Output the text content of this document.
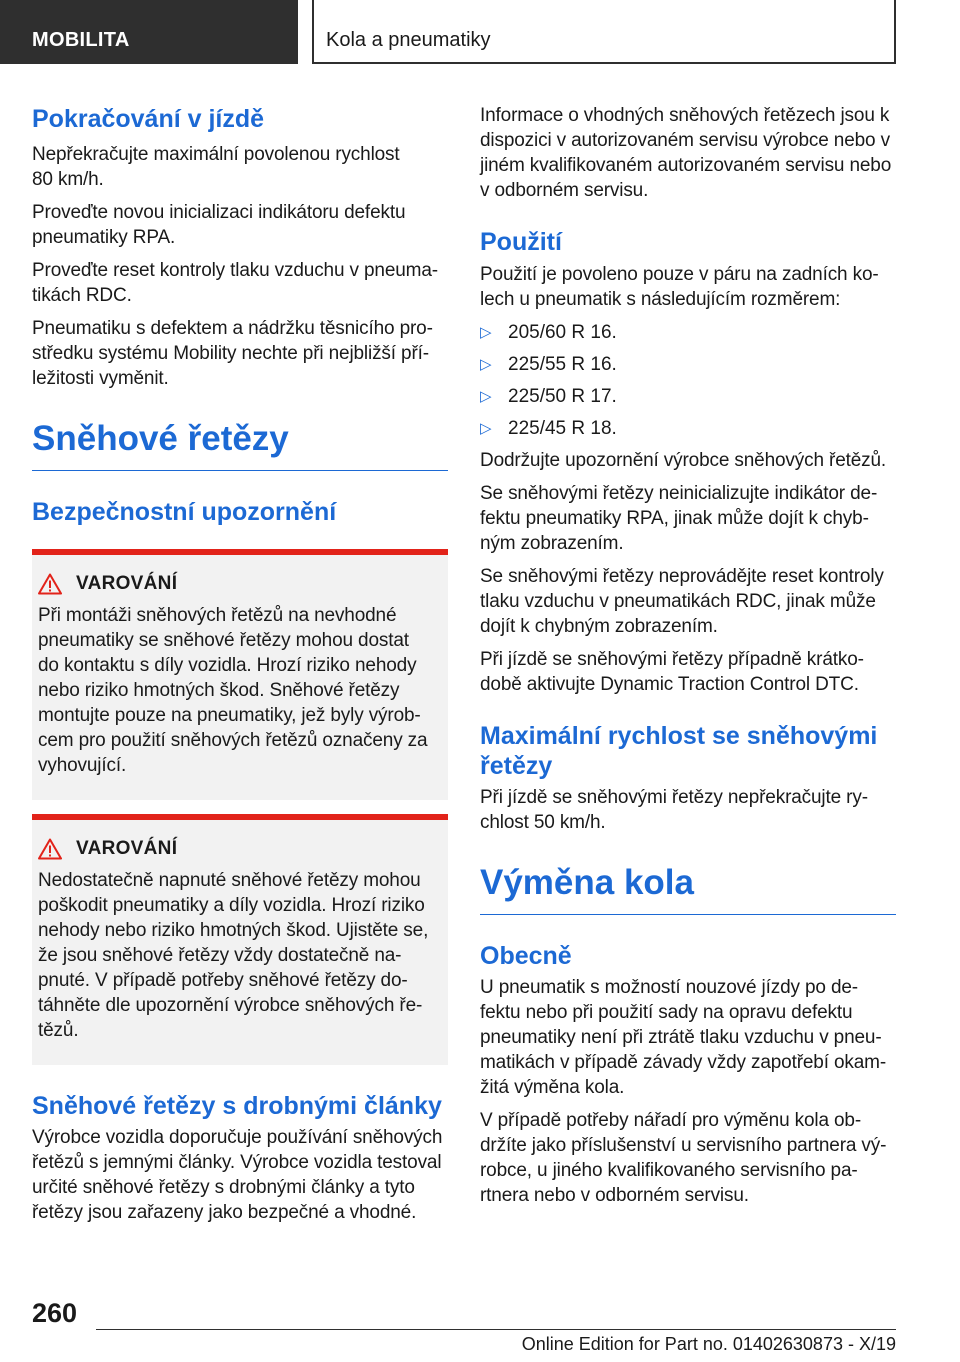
MOBILITA	Kola a pneumatiky
Pokračování v jízdě

Nepřekračujte maximální povolenou rychlost 80 km/h.

Proveďte novou inicializaci indikátoru defektu pneumatiky RPA.

Proveďte reset kontroly tlaku vzduchu v pneuma‐tikách RDC.

Pneumatiku s defektem a nádržku těsnicího pro‐středku systému Mobility nechte při nejbližší pří‐ležitosti vyměnit.

Sněhové řetězy
Bezpečnostní upozornění
VAROVÁNÍ

Při montáži sněhových řetězů na nevhodné pneumatiky se sněhové řetězy mohou dostat do kontaktu s díly vozidla. Hrozí riziko nehody nebo riziko hmotných škod. Sněhové řetězy montujte pouze na pneumatiky, jež byly výrob‐cem pro použití sněhových řetězů označeny za vyhovující.

VAROVÁNÍ

Nedostatečně napnuté sněhové řetězy mohou poškodit pneumatiky a díly vozidla. Hrozí riziko nehody nebo riziko hmotných škod. Ujistěte se, že jsou sněhové řetězy vždy dostatečně na‐pnuté. V případě potřeby sněhové řetězy do‐táhněte dle upozornění výrobce sněhových ře‐tězů.

Sněhové řetězy s drobnými články

Výrobce vozidla doporučuje používání sněhových řetězů s jemnými články. Výrobce vozidla testoval určité sněhové řetězy s drobnými články a tyto řetězy jsou zařazeny jako bezpečné a vhodné.

Informace o vhodných sněhových řetězech jsou k dispozici v autorizovaném servisu výrobce nebo v jiném kvalifikovaném autorizovaném servisu nebo v odborném servisu.

Použití

Použití je povoleno pouze v páru na zadních ko‐lech u pneumatik s následujícím rozměrem:

▷ 205/60 R 16.
▷ 225/55 R 16.
▷ 225/50 R 17.
▷ 225/45 R 18.

Dodržujte upozornění výrobce sněhových řetězů.

Se sněhovými řetězy neinicializujte indikátor de‐fektu pneumatiky RPA, jinak může dojít k chyb‐ným zobrazením.

Se sněhovými řetězy neprovádějte reset kontroly tlaku vzduchu v pneumatikách RDC, jinak může dojít k chybným zobrazením.

Při jízdě se sněhovými řetězy případně krátko‐době aktivujte Dynamic Traction Control DTC.

Maximální rychlost se sněhovými řetězy

Při jízdě se sněhovými řetězy nepřekračujte ry‐chlost 50 km/h.

Výměna kola
Obecně

U pneumatik s možností nouzové jízdy po de‐fektu nebo při použití sady na opravu defektu pneumatiky není při ztrátě tlaku vzduchu v pneu‐matikách v případě závady vždy zapotřebí okam‐žitá výměna kola.

V případě potřeby nářadí pro výměnu kola ob‐držíte jako příslušenství u servisního partnera vý‐robce, u jiného kvalifikovaného servisního pa‐rtnera nebo v odborném servisu.

260
Online Edition for Part no. 01402630873 - X/19
